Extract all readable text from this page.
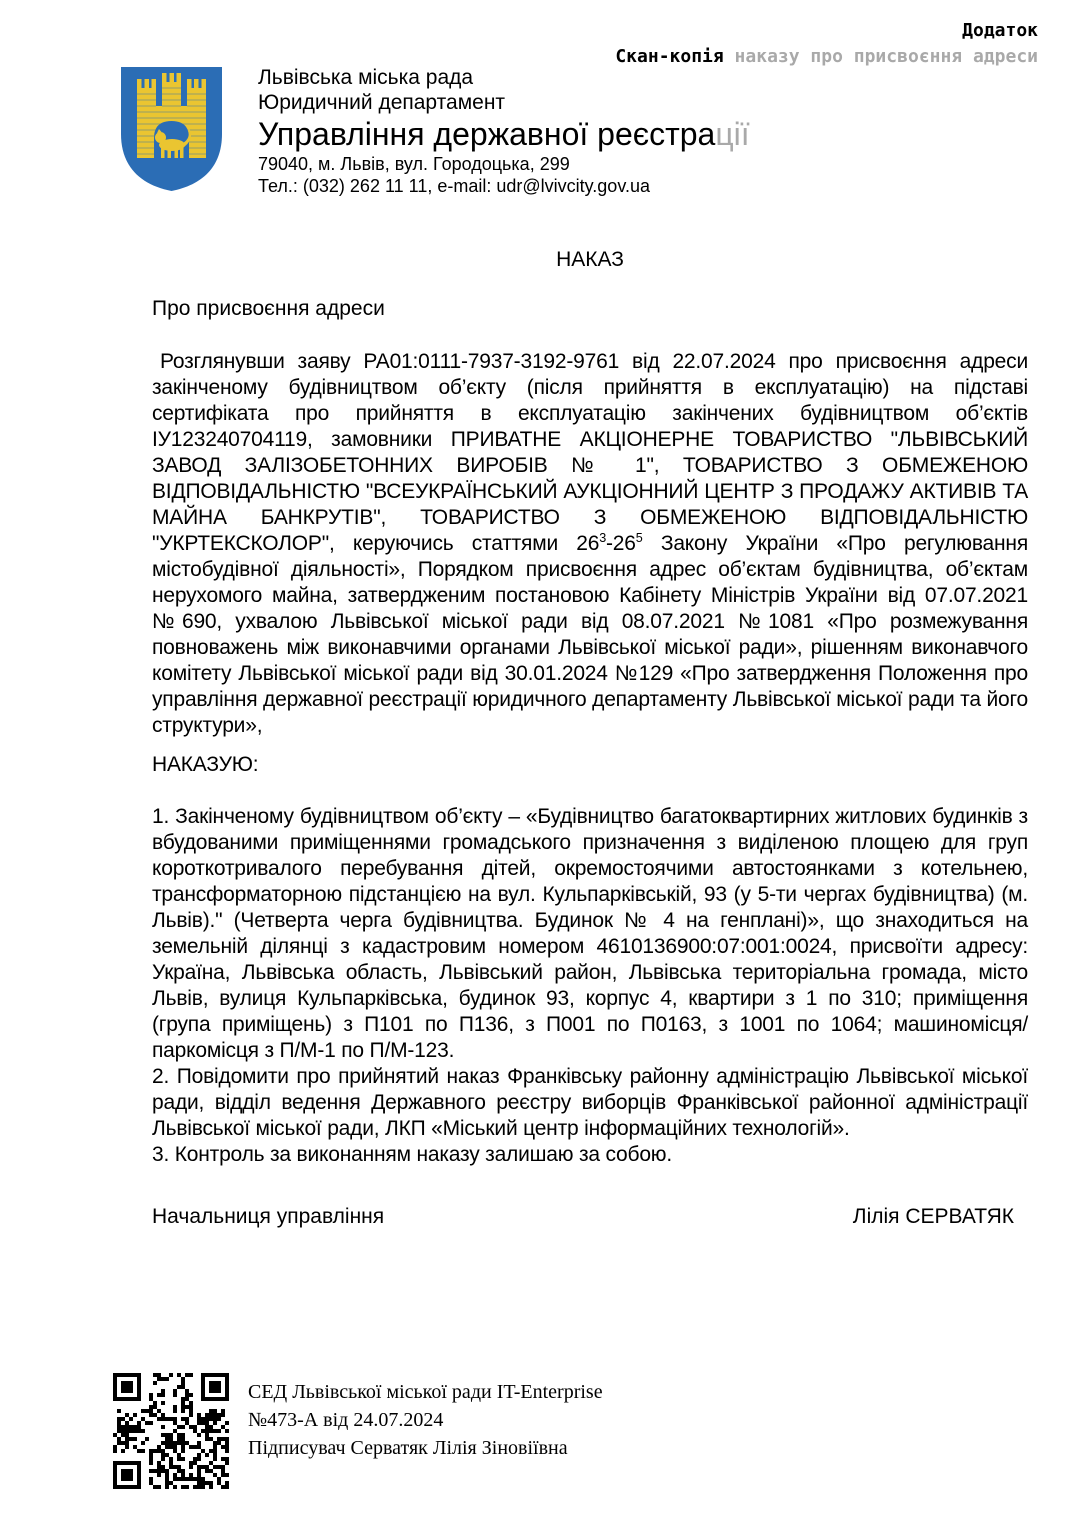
Додаток
Скан-копія наказу про присвоєння адреси
Львівська міська рада
Юридичний департамент
Управління державної реєстрації
79040, м. Львів, вул. Городоцька, 299
Тел.: (032) 262 11 11, e-mail: udr@lvivcity.gov.ua
НАКАЗ
Про присвоєння адреси

Розглянувши заяву РА01:0111-7937-3192-9761 від 22.07.2024 про присвоєння адреси закінченому будівництвом об’єкту (після прийняття в експлуатацію) на підставі сертифіката про прийняття в експлуатацію закінчених будівництвом об’єктів ІУ123240704119, замовники ПРИВАТНЕ АКЦІОНЕРНЕ ТОВАРИСТВО "ЛЬВІВСЬКИЙ ЗАВОД ЗАЛІЗОБЕТОННИХ ВИРОБІВ № 1", ТОВАРИСТВО З ОБМЕЖЕНОЮ ВІДПОВІДАЛЬНІСТЮ "ВСЕУКРАЇНСЬКИЙ АУКЦІОННИЙ ЦЕНТР З ПРОДАЖУ АКТИВІВ ТА МАЙНА БАНКРУТІВ", ТОВАРИСТВО З ОБМЕЖЕНОЮ ВІДПОВІДАЛЬНІСТЮ "УКРТЕКСКОЛОР", керуючись статтями $26^3-26^5$ Закону України «Про регулювання містобудівної діяльності», Порядком присвоєння адрес об’єктам будівництва, об’єктам нерухомого майна, затвердженим постановою Кабінету Міністрів України від 07.07.2021 №690, ухвалою Львівської міської ради від 08.07.2021 №1081 «Про розмежування повноважень між виконавчими органами Львівської міської ради», рішенням виконавчого комітету Львівської міської ради від 30.01.2024 №129 «Про затвердження Положення про управління державної реєстрації юридичного департаменту Львівської міської ради та його структури»,

НАКАЗУЮ:

1. Закінченому будівництвом об’єкту – «Будівництво багатоквартирних житлових будинків з вбудованими приміщеннями громадського призначення з виділеною площею для груп короткотривалого перебування дітей, окремостоячими автостоянками з котельнею, трансформаторною підстанцією на вул. Кульпарківській, 93 (у 5-ти чергах будівництва) (м. Львів)." (Четверта черга будівництва. Будинок № 4 на генплані)», що знаходиться на земельній ділянці з кадастровим номером 4610136900:07:001:0024, присвоїти адресу: Україна, Львівська область, Львівський район, Львівська територіальна громада, місто Львів, вулиця Кульпарківська, будинок 93, корпус 4, квартири з 1 по 310; приміщення (група приміщень) з П101 по П136, з П001 по П0163, з 1001 по 1064; машиномісця/паркомісця з П/М-1 по П/М-123.

2. Повідомити про прийнятий наказ Франківську районну адміністрацію Львівської міської ради, відділ ведення Державного реєстру виборців Франківської районної адміністрації Львівської міської ради, ЛКП «Міський центр інформаційних технологій».

3. Контроль за виконанням наказу залишаю за собою.

Начальниця управління	Лілія СЕРВАТЯК
СЕД Львівської міської ради IT-Enterprise
№473-А від 24.07.2024
Підписувач Серватяк Лілія Зіновіївна
